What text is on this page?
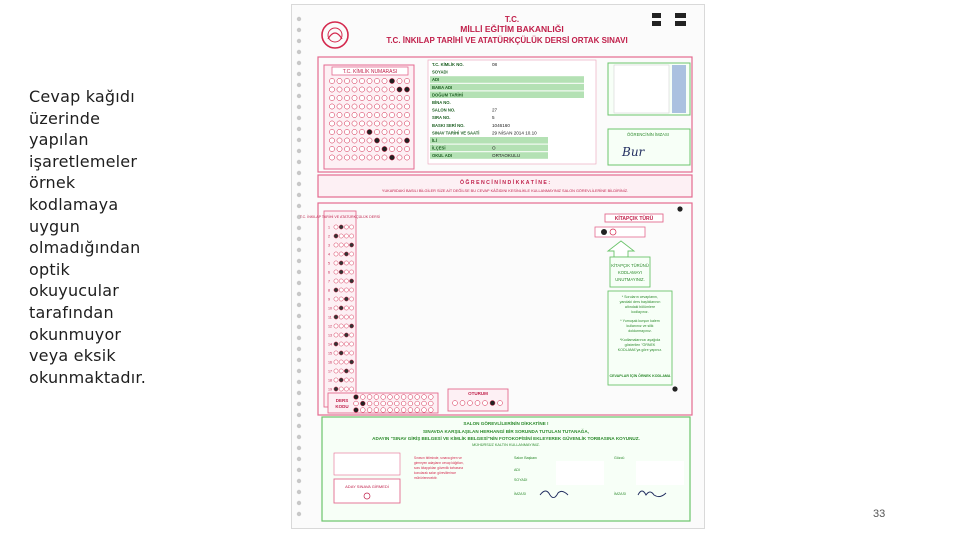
Cevap kağıdı
üzerinde
yapılan
işaretlemeler
örnek
kodlamaya
uygun
olmadığından
optik
okuyucular
tarafından
okunmuyor
veya eksik
okunmaktadır.
T.C.
MİLLİ EĞİTİM BAKANLIĞI
T.C. İNKILAP TARİHİ VE ATATÜRKÇÜLÜK DERSİ ORTAK SINAVI
T.C. KİMLİK NUMARASI
T.C. KİMLİK NO.	08
SOYADI
ADI
BABA ADI
DOĞUM TARİHİ
BİNA NO.
SALON NO.	27
SIRA NO.	5
BASKI SERİ NO.	1046160
SINAV TARİHİ VE SAATİ	29 NİSAN 2014 10.10
İLİ
İLÇESİ	O
OKUL ADI	ORTAOKULU
ÖĞRENCİNİN İMZASI
Bur
Ö Ğ R E N C İ N İ N D İ K K A T İ N E :
YUKARIDAKİ BASILI BİLGİLER SİZE AİT DEĞİLSE BU CEVAP KÂĞIDINI KESİNLİKLE KULLANMAYINIZ SALON GÖREVLİLERİNE BİLDİRİNİZ.
T.C. İNKILAP TARİHİ VE ATATÜRKÇÜLÜK DERSİ
1
2
3
4
5
6
7
8
9
10
11
12
13
14
15
16
17
18
19
KİTAPÇIK TÜRÜ
KİTAPÇIK TÜRÜNÜ
KODLAMAYI
UNUTMAYINIZ.
* Soruların cevaplarını,
yandaki ders başlıklarının
altındaki bölümlere
kodlayınız.
* Yumuşak kurşun kalem
kullanınız ve silik
doldurmayınız.
*Kodlamalarınızı aşağıda
gösterilen "ÖRNEK
KODLAMA"ya göre yapınız.
CEVAPLAR İÇİN ÖRNEK KODLAMA
DERS
KODU
OTURUM
SALON GÖREVLİLERİNİN DİKKATİNE !
SINAVDA KARŞILAŞILAN HERHANGİ BİR SORUNDA TUTULAN TUTANAĞA,
ADAYIN "SINAV GİRİŞ BELGESİ VE KİMLİK BELGESİ"NİN FOTOKOPİSİNİ EKLEYEREK GÜVENLİK TORBASINA KOYUNUZ.
MÜHÜRSÜZ KALTIN KULLANMAYINIZ.
ADAY SINAVA GİRMEDİ
Sınavın bitiminde, sınava giren ve
girmeyen adayların cevap kâğıtları,
soru kitapçıkları güvenlik torbasına
konularak salon görevlilerince
mühürlenecektir.
Salon Başkanı	Gözcü
ADI
SOYADI
İMZASI	İMZASI
33
